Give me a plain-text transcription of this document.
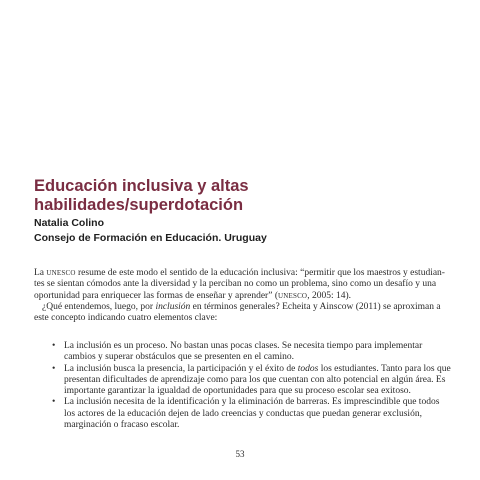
Educación inclusiva y altas
habilidades/superdotación
Natalia Colino
Consejo de Formación en Educación. Uruguay
La unesco resume de este modo el sentido de la educación inclusiva: “permitir que los maestros y estudian-
tes se sientan cómodos ante la diversidad y la perciban no como un problema, sino como un desafío y una
oportunidad para enriquecer las formas de enseñar y aprender” (unesco, 2005: 14).
¿Qué entendemos, luego, por inclusión en términos generales? Echeita y Ainscow (2011) se aproximan a
este concepto indicando cuatro elementos clave:
• La inclusión es un proceso. No bastan unas pocas clases. Se necesita tiempo para implementar
cambios y superar obstáculos que se presenten en el camino.
• La inclusión busca la presencia, la participación y el éxito de todos los estudiantes. Tanto para los que
presentan dificultades de aprendizaje como para los que cuentan con alto potencial en algún área. Es
importante garantizar la igualdad de oportunidades para que su proceso escolar sea exitoso.
• La inclusión necesita de la identificación y la eliminación de barreras. Es imprescindible que todos
los actores de la educación dejen de lado creencias y conductas que puedan generar exclusión,
marginación o fracaso escolar.
53
